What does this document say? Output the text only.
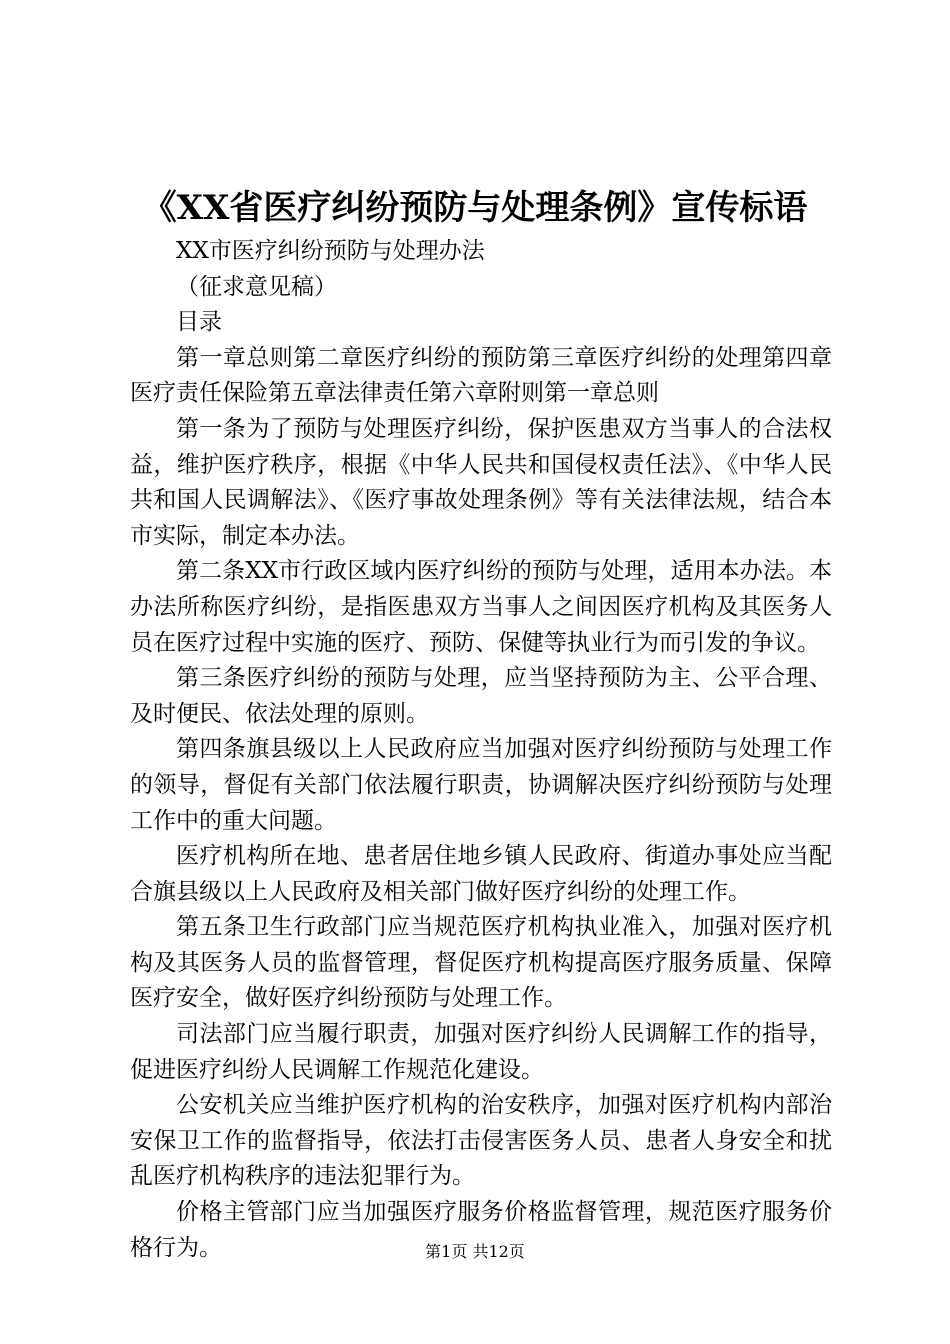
《XX省医疗纠纷预防与处理条例》宣传标语

XX市医疗纠纷预防与处理办法

（征求意见稿）

目录

第一章总则第二章医疗纠纷的预防第三章医疗纠纷的处理第四章医疗责任保险第五章法律责任第六章附则第一章总则

第一条为了预防与处理医疗纠纷，保护医患双方当事人的合法权益，维护医疗秩序，根据《中华人民共和国侵权责任法》、《中华人民共和国人民调解法》、《医疗事故处理条例》等有关法律法规，结合本市实际，制定本办法。

第二条XX市行政区域内医疗纠纷的预防与处理，适用本办法。本办法所称医疗纠纷，是指医患双方当事人之间因医疗机构及其医务人员在医疗过程中实施的医疗、预防、保健等执业行为而引发的争议。

第三条医疗纠纷的预防与处理，应当坚持预防为主、公平合理、及时便民、依法处理的原则。

第四条旗县级以上人民政府应当加强对医疗纠纷预防与处理工作的领导，督促有关部门依法履行职责，协调解决医疗纠纷预防与处理工作中的重大问题。

医疗机构所在地、患者居住地乡镇人民政府、街道办事处应当配合旗县级以上人民政府及相关部门做好医疗纠纷的处理工作。

第五条卫生行政部门应当规范医疗机构执业准入，加强对医疗机构及其医务人员的监督管理，督促医疗机构提高医疗服务质量、保障医疗安全，做好医疗纠纷预防与处理工作。

司法部门应当履行职责，加强对医疗纠纷人民调解工作的指导，促进医疗纠纷人民调解工作规范化建设。

公安机关应当维护医疗机构的治安秩序，加强对医疗机构内部治安保卫工作的监督指导，依法打击侵害医务人员、患者人身安全和扰乱医疗机构秩序的违法犯罪行为。

价格主管部门应当加强医疗服务价格监督管理，规范医疗服务价格行为。	第1页 共12页
